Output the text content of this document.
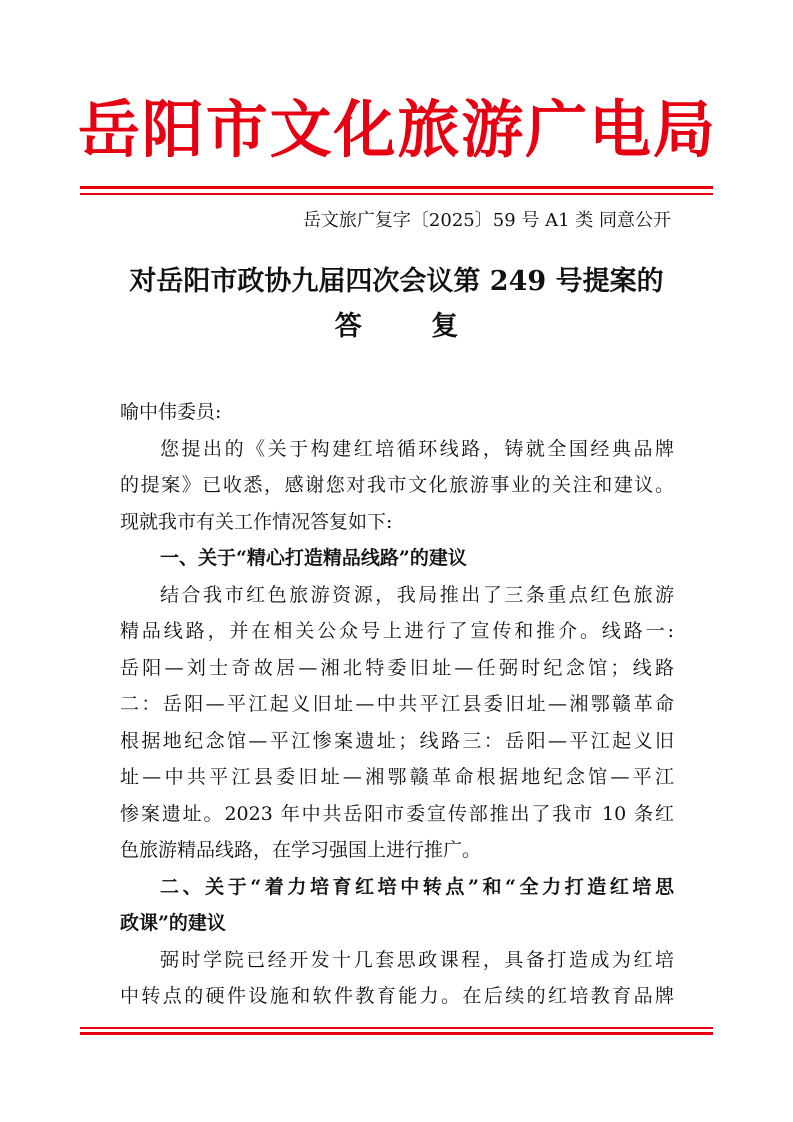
岳 阳 市 文 化 旅 游 广 电 局
岳文旅广复字〔2025〕59 号 A1 类 同意公开
对岳阳市政协九届四次会议第 249 号提案的
答 复
喻中伟委员:
您提出的《关于构建红培循环线路，铸就全国经典品牌
的提案》已收悉，感谢您对我市文化旅游事业的关注和建议。
现就我市有关工作情况答复如下:
一、关于“精心打造精品线路”的建议
结合我市红色旅游资源，我局推出了三条重点红色旅游
精品线路，并在相关公众号上进行了宣传和推介。线路一:
岳阳—刘士奇故居—湘北特委旧址—任弼时纪念馆；线路
二：岳阳—平江起义旧址—中共平江县委旧址—湘鄂赣革命
根据地纪念馆—平江惨案遗址；线路三：岳阳—平江起义旧
址—中共平江县委旧址—湘鄂赣革命根据地纪念馆—平江
惨案遗址。2023 年中共岳阳市委宣传部推出了我市 10 条红
色旅游精品线路，在学习强国上进行推广。
二、关于“着力培育红培中转点”和“全力打造红培思
政课”的建议
弼时学院已经开发十几套思政课程，具备打造成为红培
中转点的硬件设施和软件教育能力。在后续的红培教育品牌
